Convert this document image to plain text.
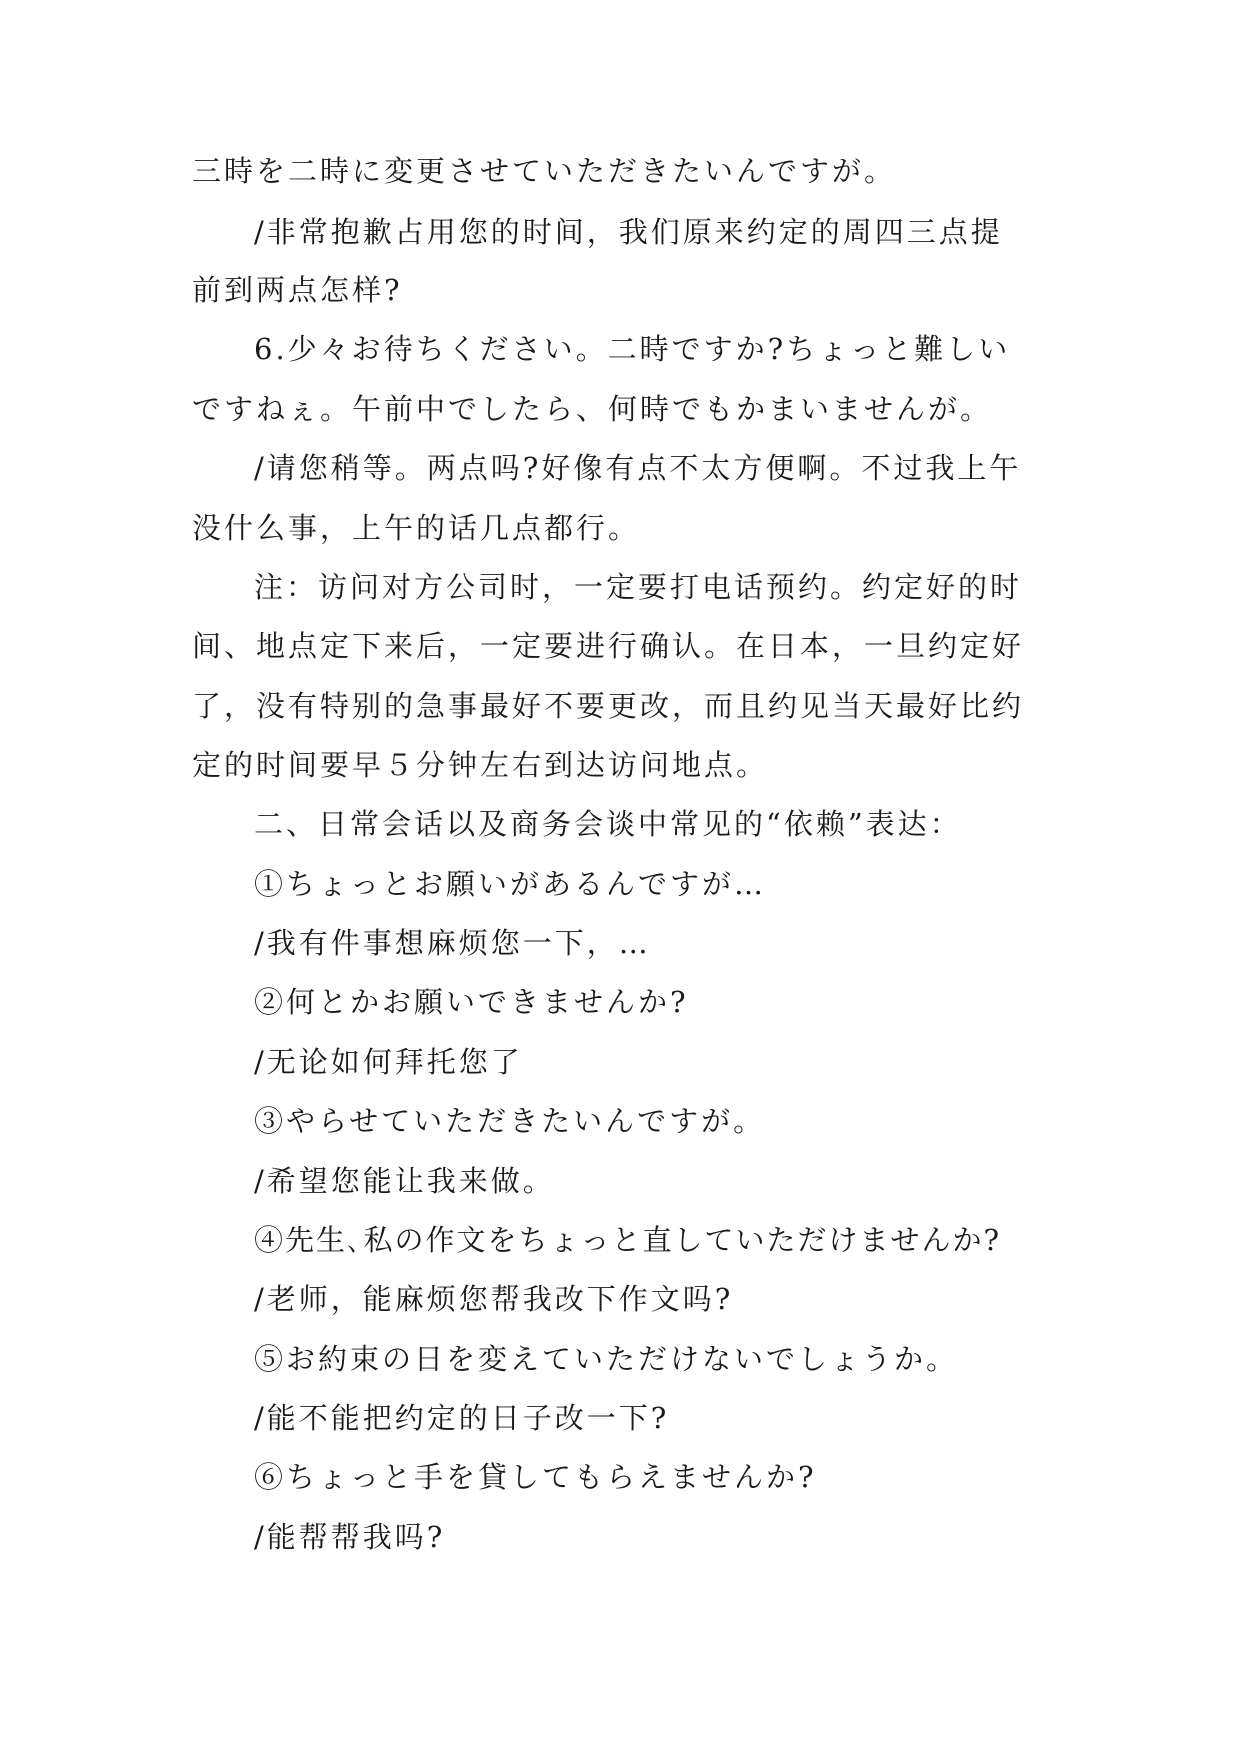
三時を二時に変更させていただきたいんですが。

/非常抱歉占用您的时间，我们原来约定的周四三点提

前到两点怎样?

6.少々お待ちください。二時ですか?ちょっと難しい

ですねぇ。午前中でしたら、何時でもかまいませんが。

/请您稍等。两点吗?好像有点不太方便啊。不过我上午

没什么事，上午的话几点都行。

注：访问对方公司时，一定要打电话预约。约定好的时

间、地点定下来后，一定要进行确认。在日本，一旦约定好

了，没有特别的急事最好不要更改，而且约见当天最好比约

定的时间要早５分钟左右到达访问地点。

二、日常会话以及商务会谈中常见的“依赖”表达：

①ちょっとお願いがあるんですが…

/我有件事想麻烦您一下，…

②何とかお願いできませんか?

/无论如何拜托您了

③やらせていただきたいんですが。

/希望您能让我来做。

④先生､私の作文をちょっと直していただけませんか?

/老师，能麻烦您帮我改下作文吗?

⑤お約束の日を変えていただけないでしょうか。

/能不能把约定的日子改一下?

⑥ちょっと手を貸してもらえませんか?

/能帮帮我吗?
